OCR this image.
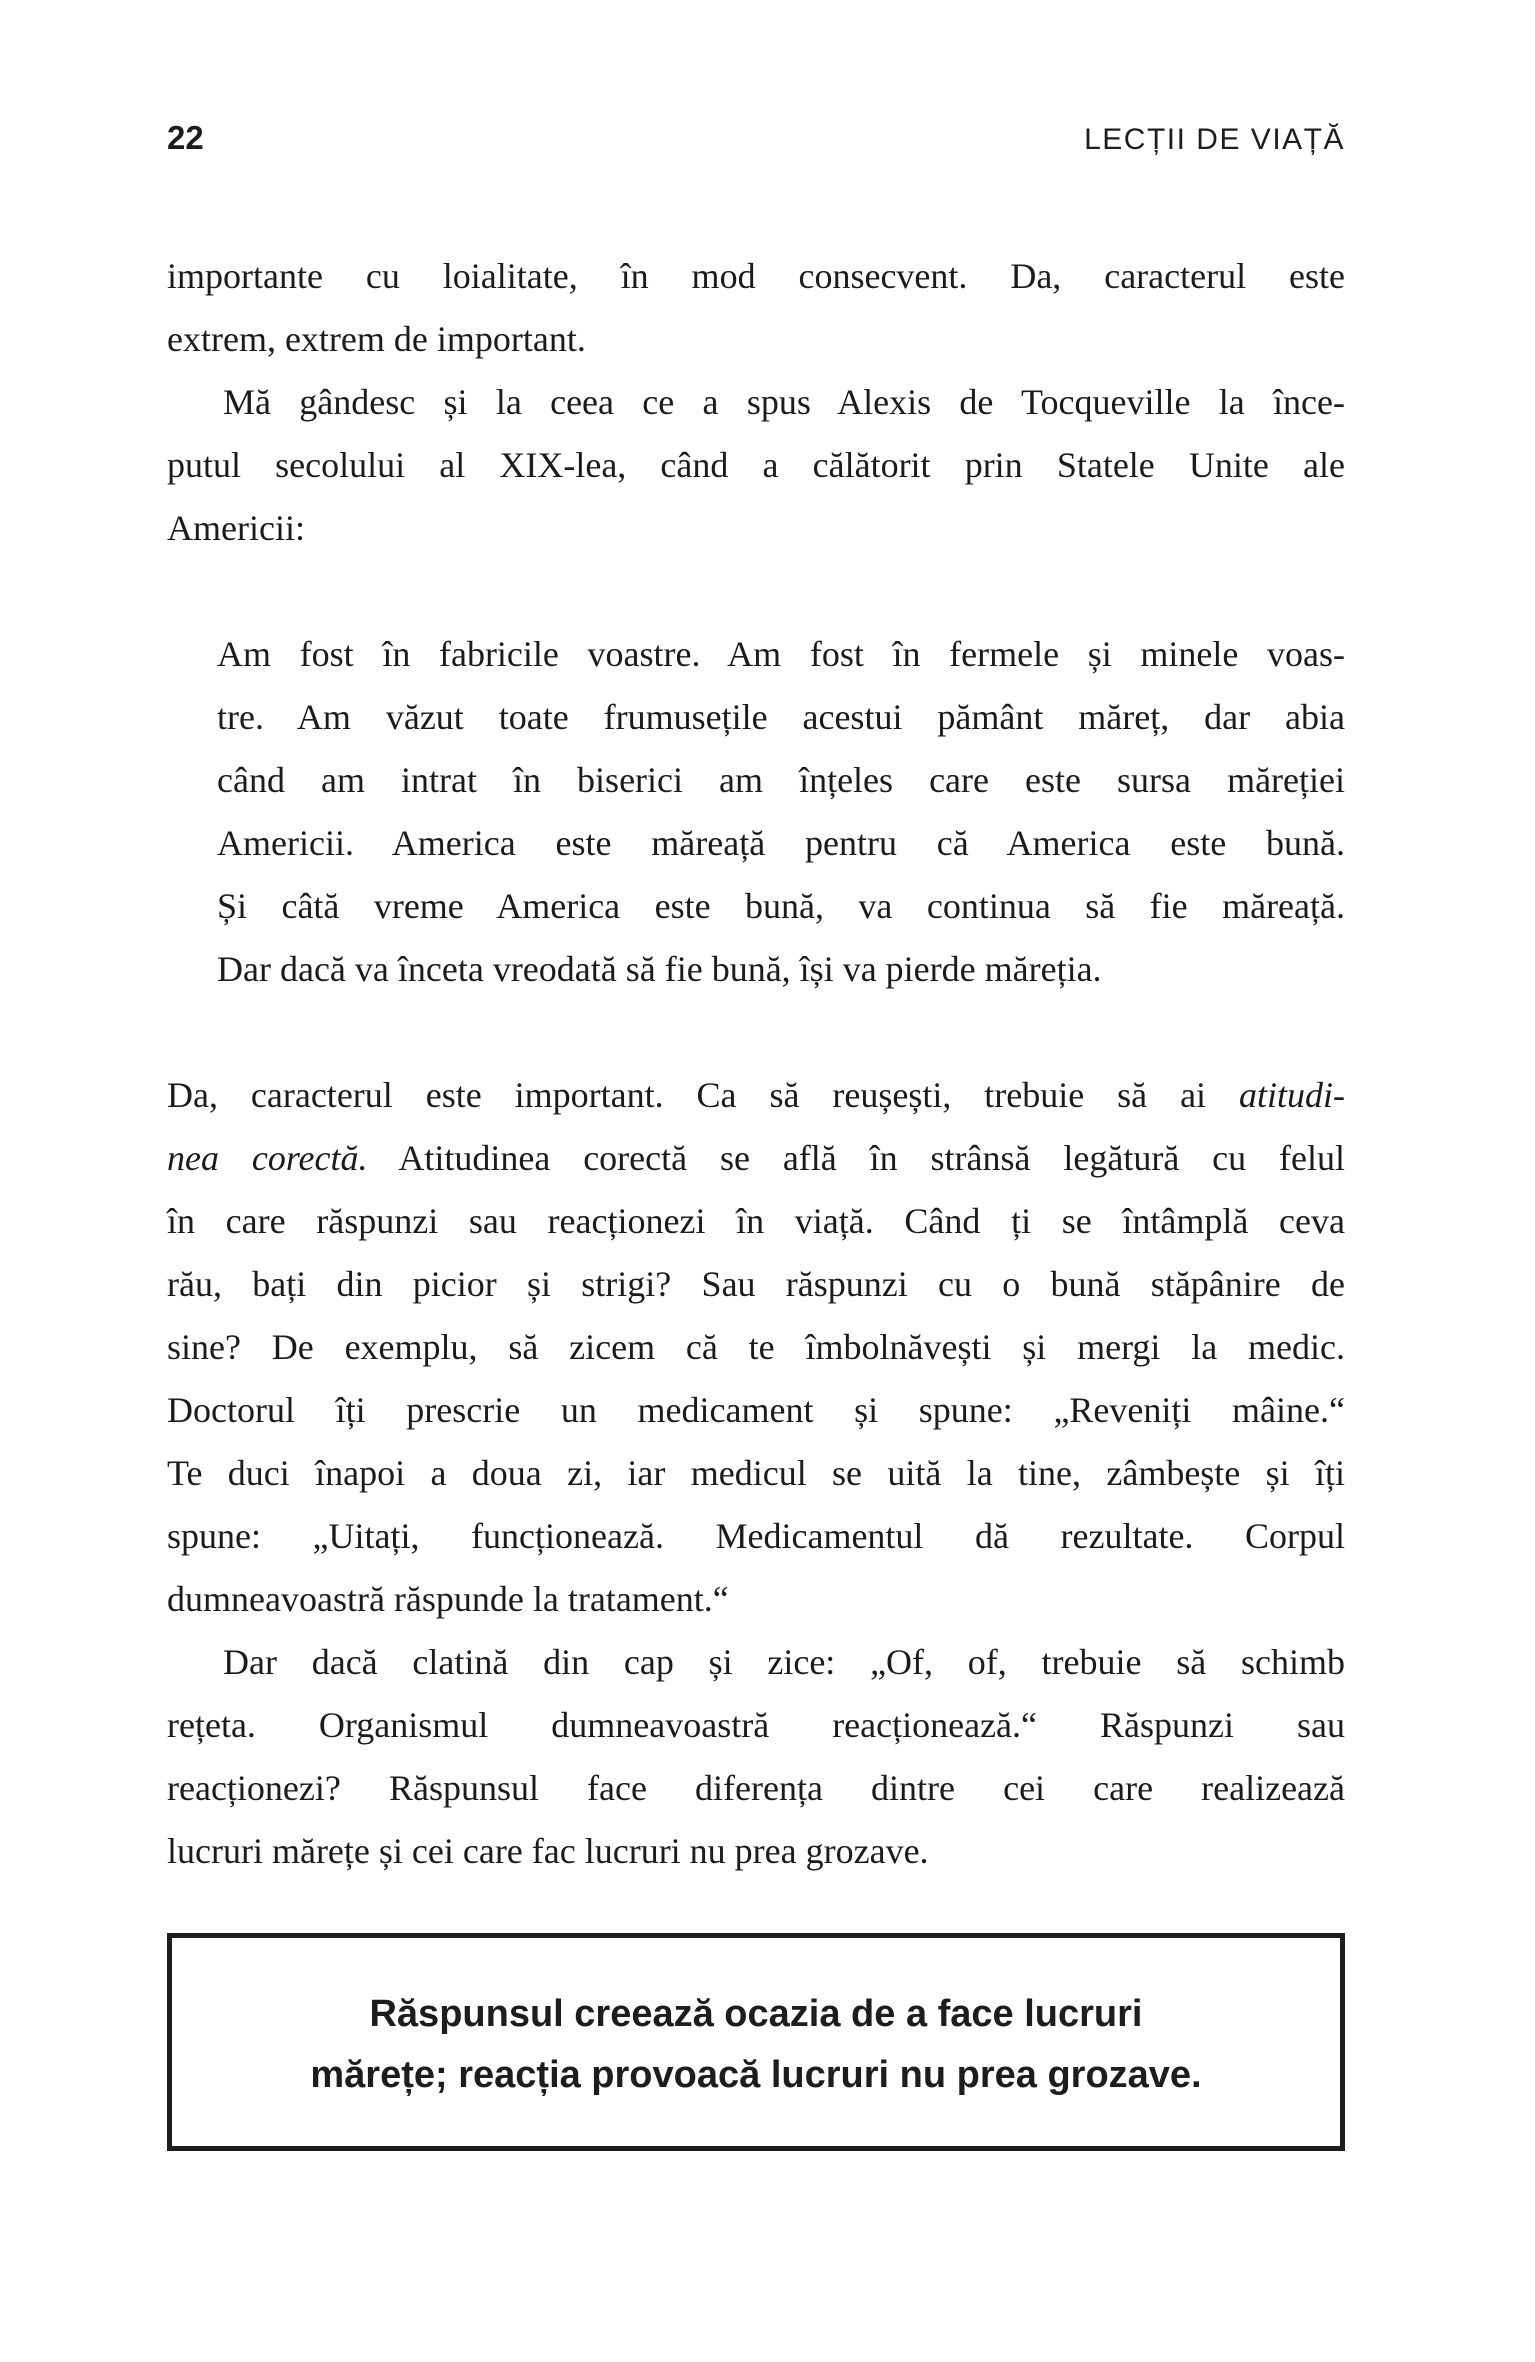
22	LECȚII DE VIAȚĂ
importante cu loialitate, în mod consecvent. Da, caracterul este
extrem, extrem de important.
Mă gândesc și la ceea ce a spus Alexis de Tocqueville la înce-
putul secolului al XIX-lea, când a călătorit prin Statele Unite ale
Americii:
Am fost în fabricile voastre. Am fost în fermele și minele voas-
tre. Am văzut toate frumusețile acestui pământ măreț, dar abia
când am intrat în biserici am înțeles care este sursa măreției
Americii. America este măreață pentru că America este bună.
Și câtă vreme America este bună, va continua să fie măreață.
Dar dacă va înceta vreodată să fie bună, își va pierde măreția.
Da, caracterul este important. Ca să reușești, trebuie să ai atitudi-
nea corectă. Atitudinea corectă se află în strânsă legătură cu felul
în care răspunzi sau reacționezi în viață. Când ți se întâmplă ceva
rău, bați din picior și strigi? Sau răspunzi cu o bună stăpânire de
sine? De exemplu, să zicem că te îmbolnăvești și mergi la medic.
Doctorul îți prescrie un medicament și spune: „Reveniți mâine.“
Te duci înapoi a doua zi, iar medicul se uită la tine, zâmbește și îți
spune: „Uitați, funcționează. Medicamentul dă rezultate. Corpul
dumneavoastră răspunde la tratament.“
Dar dacă clatină din cap și zice: „Of, of, trebuie să schimb
rețeta. Organismul dumneavoastră reacționează.“ Răspunzi sau
reacționezi? Răspunsul face diferența dintre cei care realizează
lucruri mărețe și cei care fac lucruri nu prea grozave.
Răspunsul creează ocazia de a face lucruri
mărețe; reacția provoacă lucruri nu prea grozave.
